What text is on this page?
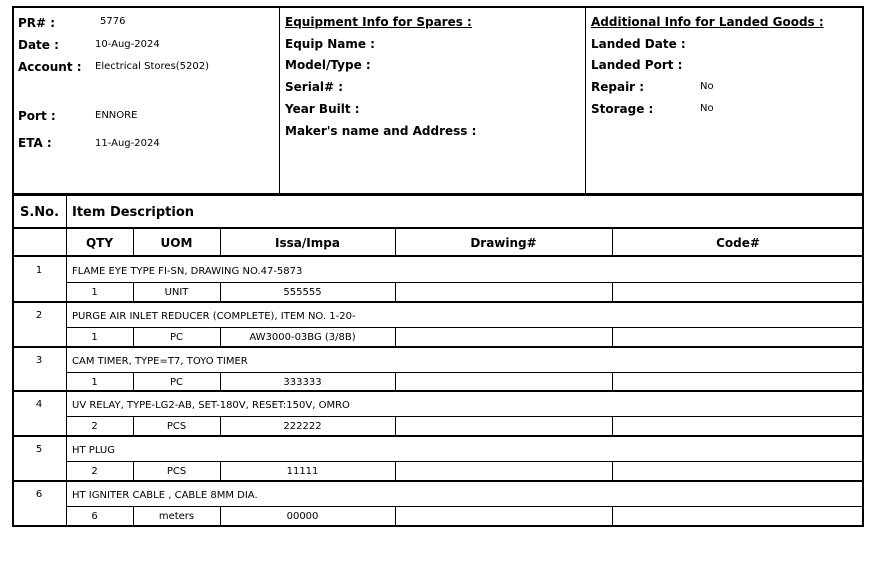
PR# :	5776
Date :	10-Aug-2024
Account : Electrical Stores(5202)
Port :	ENNORE
ETA :	11-Aug-2024
Equipment Info for Spares :
Equip Name :
Model/Type :
Serial# :
Year Built :
Maker's name and Address :
Additional Info for Landed Goods :
Landed Date :
Landed Port :
Repair :	No
Storage :	No
S.No. Item Description
QTY	UOM	Issa/Impa	Drawing#	Code#
1	FLAME EYE TYPE FI-SN, DRAWING NO.47-5873
1	UNIT	555555
2	PURGE AIR INLET REDUCER (COMPLETE), ITEM NO. 1-20-
1	PC	AW3000-03BG (3/8B)
3	CAM TIMER, TYPE=T7, TOYO TIMER
1	PC	333333
4	UV RELAY, TYPE-LG2-AB, SET-180V, RESET:150V, OMRO
2	PCS	222222
5	HT PLUG
2	PCS	11111
6	HT IGNITER CABLE , CABLE 8MM DIA.
6	meters	00000
